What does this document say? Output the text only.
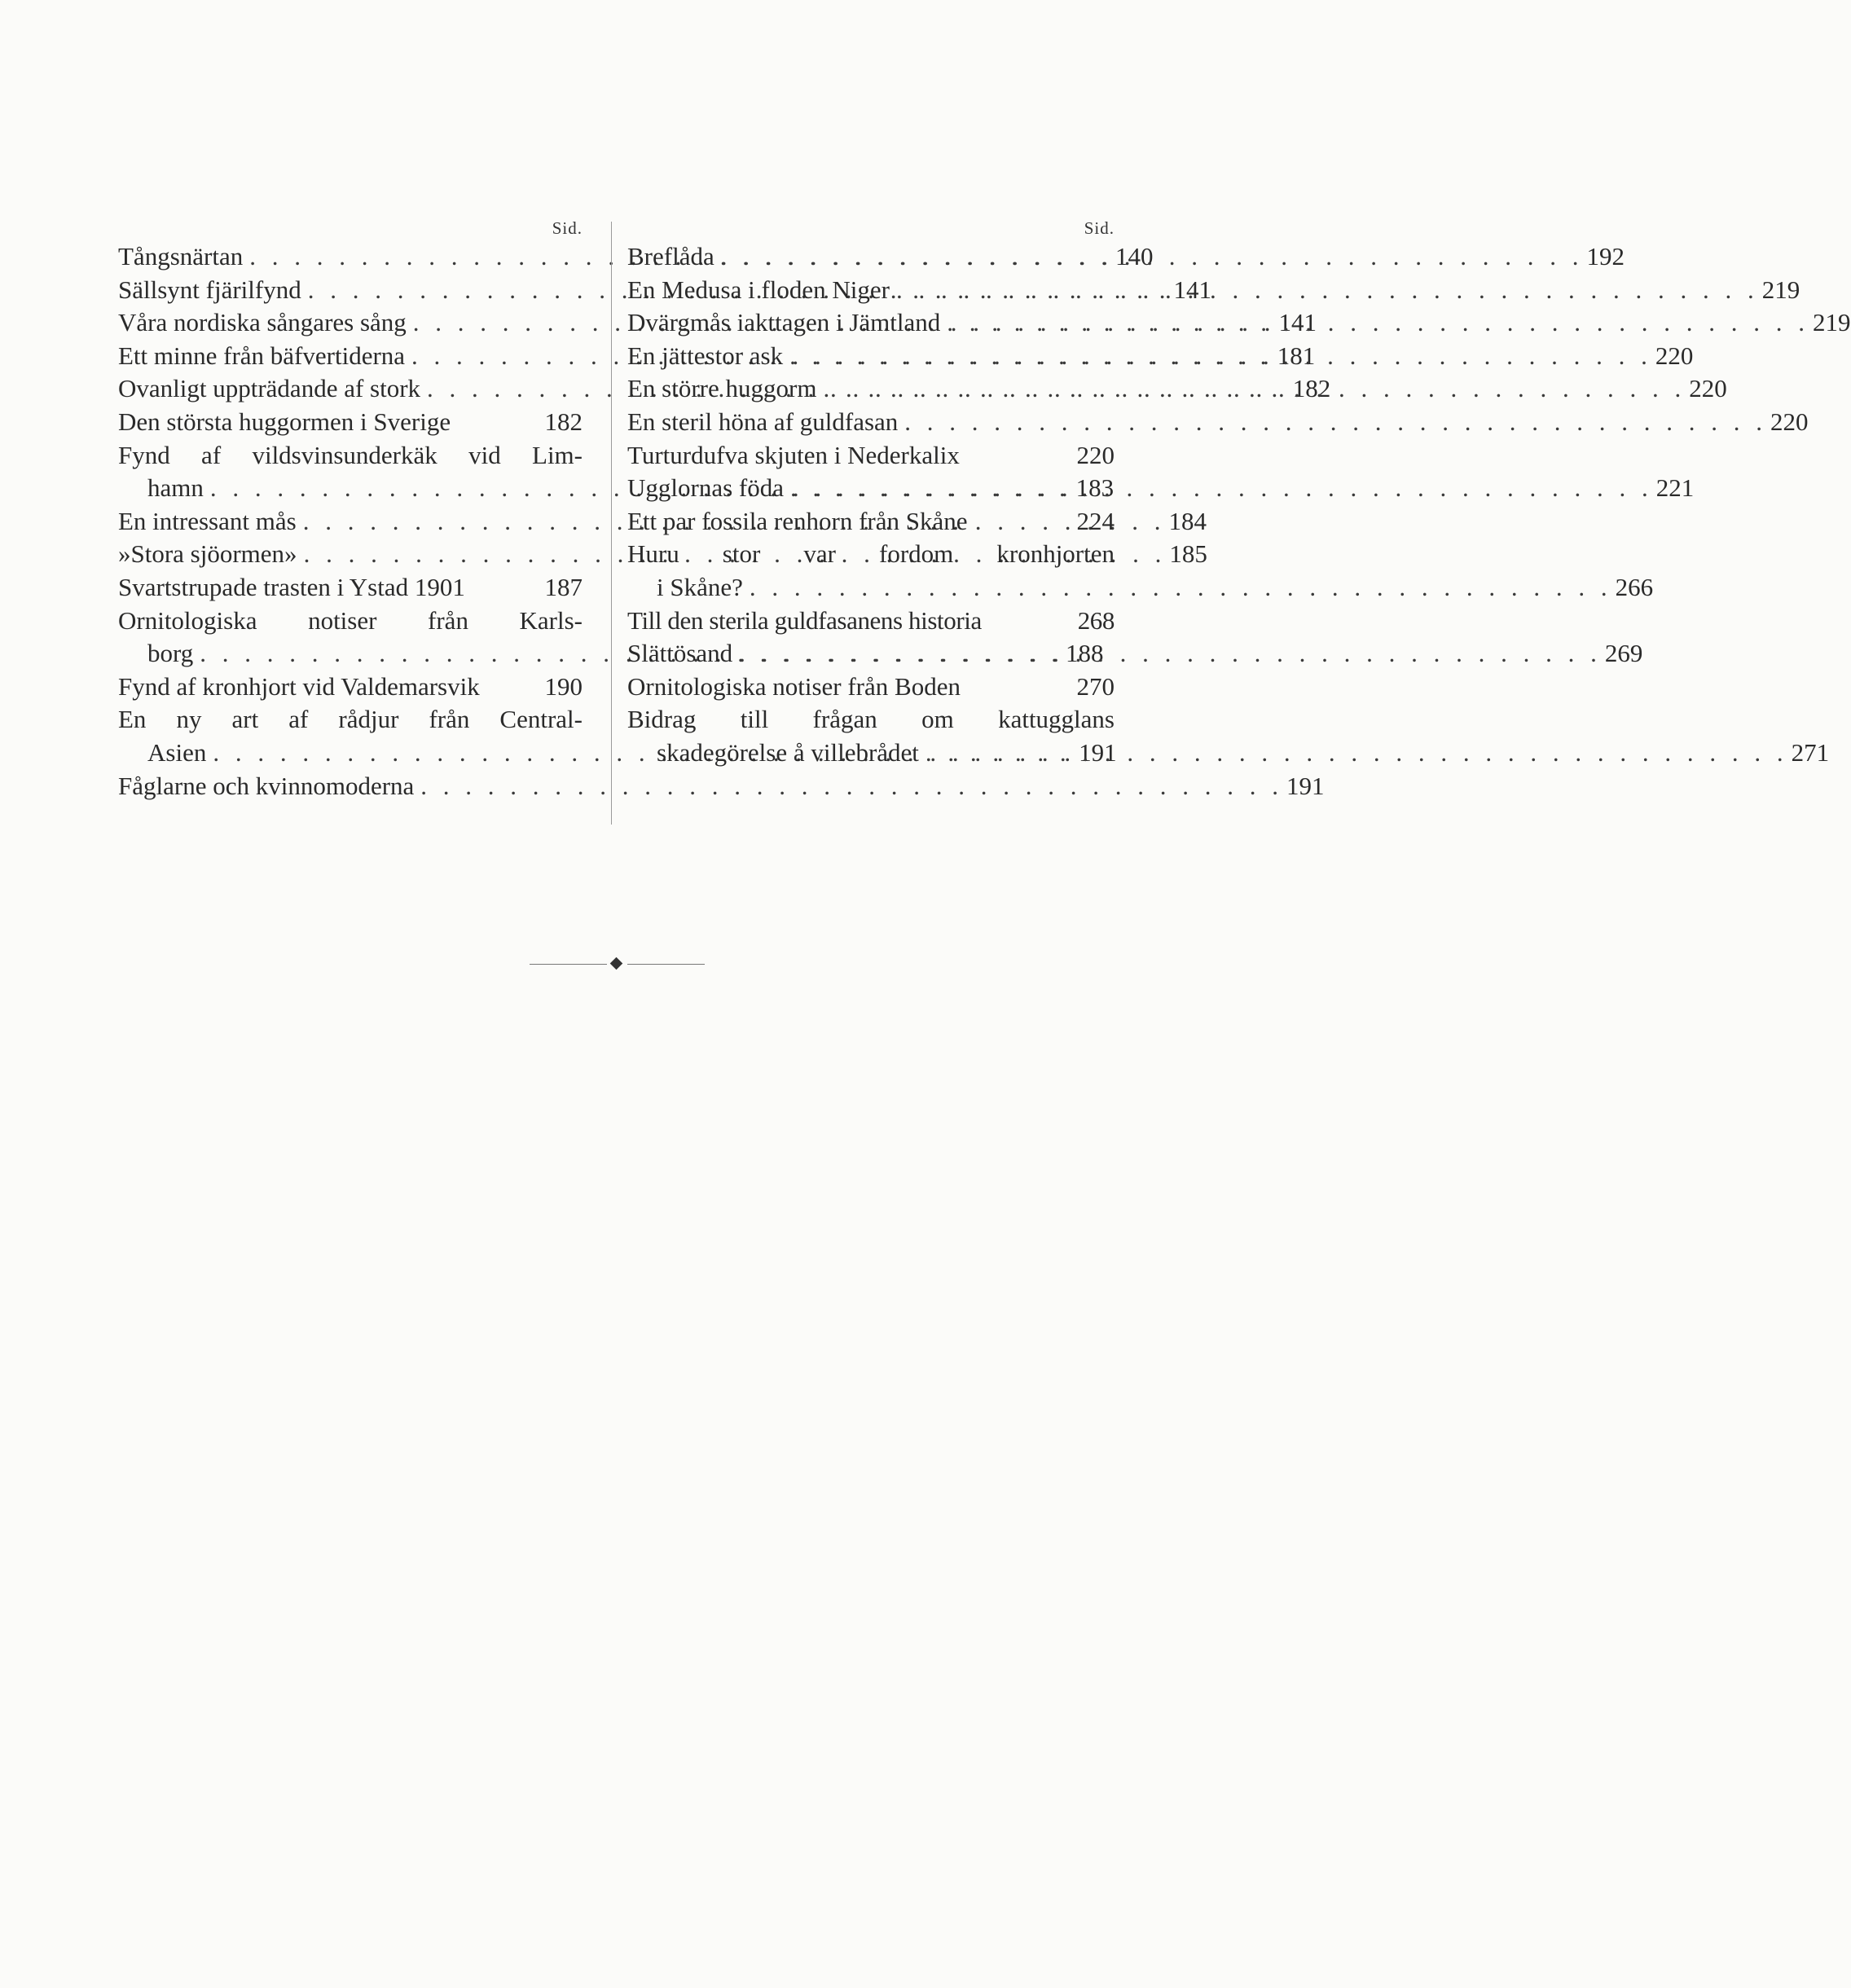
Sid.
Tångsnärtan . . .	140
Sällsynt fjärilfynd . . .	141
Våra nordiska sångares sång . . .	141
Ett minne från bäfvertiderna . . .	181
Ovanligt uppträdande af stork . . .	182
Den största huggormen i Sverige	182
Fynd af vildsvinsunderkäk vid Lim-
hamn . . .	183
En intressant mås . . .	184
»Stora sjöormen» . . .	185
Svartstrupade trasten i Ystad 1901	187
Ornitologiska notiser från Karls-
borg . . .	188
Fynd af kronhjort vid Valdemarsvik	190
En ny art af rådjur från Central-
Asien . . .	191
Fåglarne och kvinnomoderna . . .	191
Sid.
Breflåda . . .	192
En Medusa i floden Niger . . .	219
Dvärgmås iakttagen i Jämtland . . .	219
En jättestor ask . . .	220
En större huggorm . . .	220
En steril höna af guldfasan . . .	220
Turturdufva skjuten i Nederkalix	220
Ugglornas föda . . .	221
Ett par fossila renhorn från Skåne	224
Huru stor var fordom kronhjorten
i Skåne? . . .	266
Till den sterila guldfasanens historia	268
Slättösand . . .	269
Ornitologiska notiser från Boden	270
Bidrag till frågan om kattugglans
skadegörelse å villebrådet . . .	271
